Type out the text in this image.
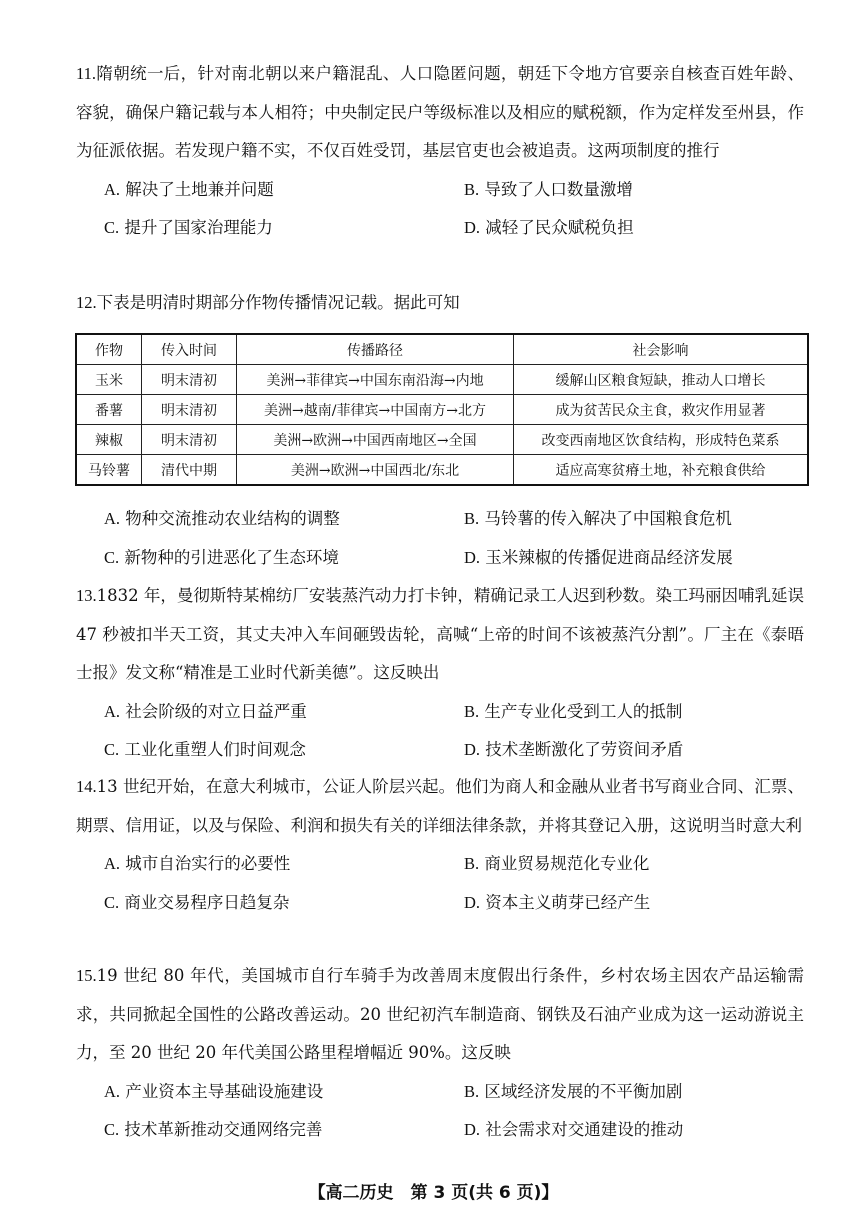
11.隋朝统一后，针对南北朝以来户籍混乱、人口隐匿问题，朝廷下令地方官要亲自核查百姓年龄、容貌，确保户籍记载与本人相符；中央制定民户等级标准以及相应的赋税额，作为定样发至州县，作为征派依据。若发现户籍不实，不仅百姓受罚，基层官吏也会被追责。这两项制度的推行

A. 解决了土地兼并问题	B. 导致了人口数量激增
C. 提升了国家治理能力	D. 减轻了民众赋税负担

12.下表是明清时期部分作物传播情况记载。据此可知

作物	传入时间	传播路径	社会影响
玉米	明末清初	美洲→菲律宾→中国东南沿海→内地	缓解山区粮食短缺，推动人口增长
番薯	明末清初	美洲→越南/菲律宾→中国南方→北方	成为贫苦民众主食，救灾作用显著
辣椒	明末清初	美洲→欧洲→中国西南地区→全国	改变西南地区饮食结构，形成特色菜系
马铃薯	清代中期	美洲→欧洲→中国西北/东北	适应高寒贫瘠土地，补充粮食供给
A. 物种交流推动农业结构的调整	B. 马铃薯的传入解决了中国粮食危机
C. 新物种的引进恶化了生态环境	D. 玉米辣椒的传播促进商品经济发展

13.1832 年，曼彻斯特某棉纺厂安装蒸汽动力打卡钟，精确记录工人迟到秒数。染工玛丽因哺乳延误 47 秒被扣半天工资，其丈夫冲入车间砸毁齿轮，高喊“上帝的时间不该被蒸汽分割”。厂主在《泰晤士报》发文称“精准是工业时代新美德”。这反映出

A. 社会阶级的对立日益严重	B. 生产专业化受到工人的抵制
C. 工业化重塑人们时间观念	D. 技术垄断激化了劳资间矛盾

14.13 世纪开始，在意大利城市，公证人阶层兴起。他们为商人和金融从业者书写商业合同、汇票、期票、信用证，以及与保险、利润和损失有关的详细法律条款，并将其登记入册，这说明当时意大利

A. 城市自治实行的必要性	B. 商业贸易规范化专业化
C. 商业交易程序日趋复杂	D. 资本主义萌芽已经产生

15.19 世纪 80 年代，美国城市自行车骑手为改善周末度假出行条件，乡村农场主因农产品运输需求，共同掀起全国性的公路改善运动。20 世纪初汽车制造商、钢铁及石油产业成为这一运动游说主力，至 20 世纪 20 年代美国公路里程增幅近 90%。这反映

A. 产业资本主导基础设施建设	B. 区域经济发展的不平衡加剧
C. 技术革新推动交通网络完善	D. 社会需求对交通建设的推动
【高二历史　第 3 页(共 6 页)】
